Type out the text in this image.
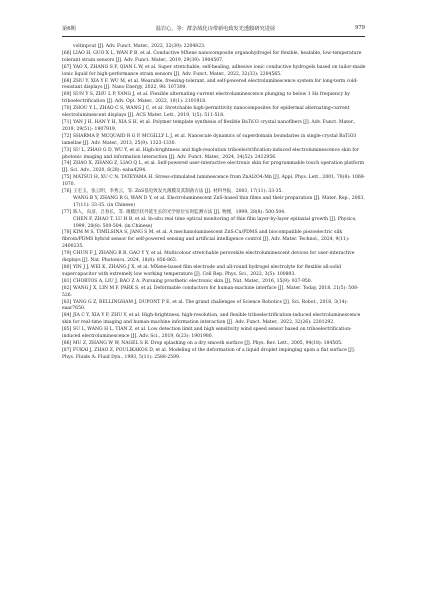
第6期	温岩心，等：群杂绒化诗带新电致发光透膜研究进展	979
voltinpcut [J]. Adv. Funct. Mater., 2022, 32(39): 2204823.
[66] LIAO H, GUO X L, WAN P B, et al. Conductive MXene nanocomposite organohydrogel for flexible, healable, low-temperature tolerant strain sensors [J]. Adv. Funct. Mater., 2019, 29(39): 1904507.
[67] YAO X, ZHANG S F, QIAN L W, et al. Super stretchable, self-healing, adhesive ionic conductive hydrogels based on tailor-made ionic liquid for high-performance strain sensors [J]. Adv. Funct. Mater., 2022, 32(33): 2204565.
[68] ZHU Y, XIA Y F, WU M, et al. Wearable, freezing-tolerant, and self-powered electroluminescence system for long-term cold-resistant displays [J]. Nano Energy, 2022, 98: 107309.
[69] SUN Y S, ZHU L P, YANG J, et al. Flexible alternating-current electroluminescence plunging to below 1 Hz frequency by triboelectrification [J]. Adv. Opt. Mater., 2022, 10(1): 2101918.
[70] ZHOU Y L, ZHAO C S, WANG J C, et al. Stretchable high-permittivity nanocomposites for epidermal alternating-current electroluminescent displays [J]. ACS Mater. Lett., 2019, 1(5): 511-518.
[71] YAN J H, HAN Y H, XIA S H, et al. Polymer template synthesis of flexible BaTiO3 crystal nanofibers [J]. Adv. Funct. Mater., 2019, 29(51): 1907919.
[72] SHARMA P, MCQUAID R G P, MCGILLY L J, et al. Nanoscale dynamics of superdomain boundaries in single-crystal BaTiO3 lamellae [J]. Adv. Mater., 2013, 25(9): 1323-1330.
[73] SU L, ZHAO G D, WU Y, et al. High-brightness and high-resolution triboelectrification-induced electroluminescence skin for photonic imaging and information interaction [J]. Adv. Funct. Mater., 2024, 34(52): 2412956.
[74] ZHAO X, ZHANG Z, LIAO Q L, et al. Self-powered user-interactive electronic skin for programmable touch operation platform [J]. Sci. Adv., 2020, 6(28): eaba4294.
[75] MATSUI H, XU C N, TATEYAMA H. Stress-stimulated luminescence from ZnAl2O4:Mn [J]. Appl. Phys. Lett., 2001, 78(8): 1068-1070.
[76] 王宏玉，张云明，李秀云，等. ZnS基电致发光薄膜及其制备方法 [J]. 材料导报，2003, 17(11): 33-35.
WANG B Y, ZHANG R G, WAN D Y, et al. Electroluminescent ZnS-based thin films and their preparation [J]. Mater. Rep., 2003, 17(11): 33-35. (in Chinese)
[77] 陈人，向彦，吕春长，等. 薄膜层状外延生长的光学原位实时监测方法 [J]. 物理，1999, 28(8): 500-504.
CHEN F, ZHAO T, LU H B, et al. In-situ real time optical monitoring of thin film layer-by-layer epitaxial growth [J]. Physics, 1999, 28(8): 500-504. (in Chinese)
[78] KIM M S, TIMILSINA S, JANG S M, et al. A mechanoluminescent ZnS:Cu/PDMS and biocompatible piezoelectric silk fibroin/PDMS hybrid sensor for self-powered sensing and artificial intelligence control [J]. Adv. Mater. Technol., 2024, 9(11): 2400235.
[79] CHUN F J, ZHANG B B, GAO Y Y, et al. Multicolour stretchable perovskite electroluminescent devices for user-interactive displays [J]. Nat. Photonics, 2024, 18(8): 856-863.
[80] YIN J J, WEI K, ZHANG J X, et al. MXene-based film electrode and all-round hydrogel electrolyte for flexible all-solid supercapacitor with extremely low working temperature [J]. Cell Rep. Phys. Sci., 2022, 3(5): 100893.
[81] CHORTOS A, LIU J, BAO Z A. Pursuing prosthetic electronic skin [J]. Nat. Mater., 2016, 15(9): 937-950.
[82] WANG J X, LIN M F, PARK S, et al. Deformable conductors for human-machine interface [J]. Mater. Today, 2018, 21(5): 508-526.
[83] YANG G Z, BELLINGHAM J, DUPONT P E, et al. The grand challenges of Science Robotics [J]. Sci. Robot., 2018, 3(14): eaar7650.
[84] JIA C Y, XIA Y F, ZHU Y, et al. High-brightness, high-resolution, and flexible triboelectrification-induced electroluminescence skin for real-time imaging and human-machine information interaction [J]. Adv. Funct. Mater., 2022, 32(26): 2201292.
[85] SU L, WANG H L, TIAN Z, et al. Low detection limit and high sensitivity wind speed sensor based on triboelectrification-induced electroluminescence [J]. Adv. Sci., 2019, 6(23): 1901980.
[86] MU Z, ZHANG W W, NAGEL S R. Drop splashing on a dry smooth surface [J]. Phys. Rev. Lett., 2005, 94(18): 184505.
[87] FUKAI J, ZHAO Z, POULIKAKOS D, et al. Modeling of the deformation of a liquid droplet impinging upon a flat surface [J]. Phys. Fluids A: Fluid Dyn., 1993, 5(11): 2588-2599.
